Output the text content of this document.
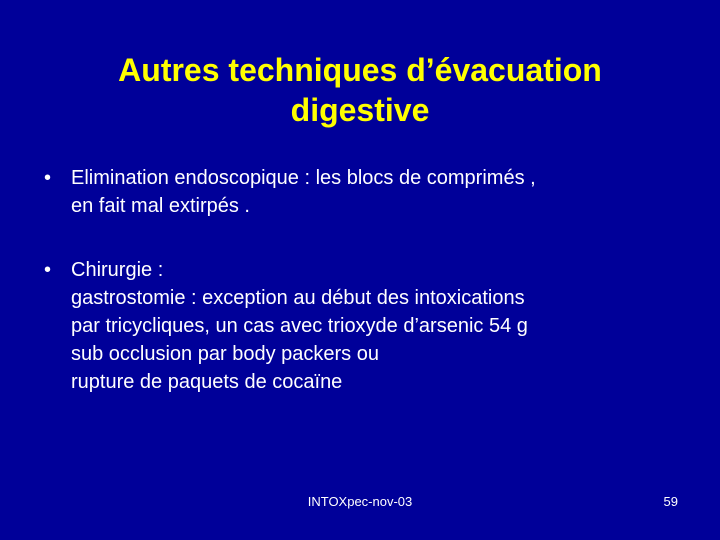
Autres techniques d’évacuation
digestive
• Elimination endoscopique : les blocs de comprimés ,
en fait mal extirpés .
• Chirurgie :
gastrostomie : exception au début des intoxications
par tricycliques, un cas avec trioxyde d’arsenic 54 g
sub occlusion par body packers ou
rupture de paquets de cocaïne
INTOXpec-nov-03	59
